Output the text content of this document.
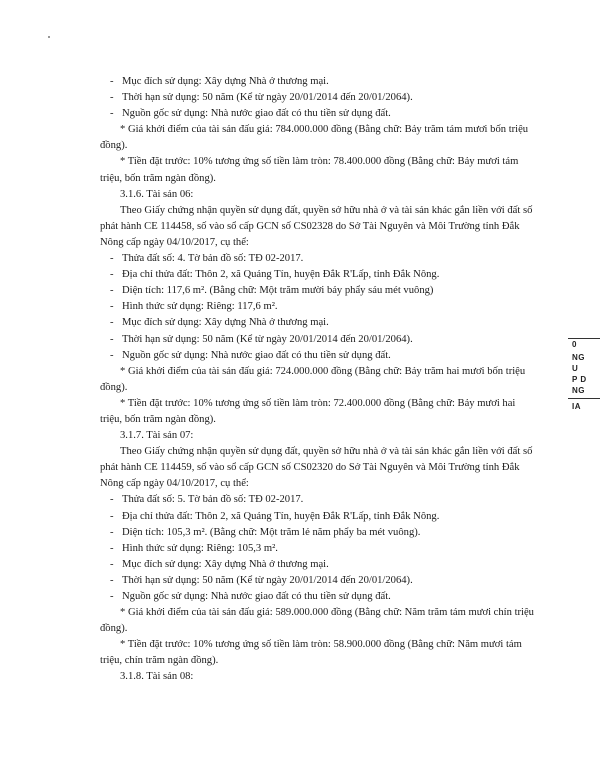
- Mục đích sử dụng: Xây dựng Nhà ở thương mại.
- Thời hạn sử dụng: 50 năm (Kể từ ngày 20/01/2014 đến 20/01/2064).
- Nguồn gốc sử dụng: Nhà nước giao đất có thu tiền sử dụng đất.
* Giá khởi điểm của tài sản đấu giá: 784.000.000 đồng (Bằng chữ: Bảy trăm tám mươi bốn triệu đồng).
* Tiền đặt trước: 10% tương ứng số tiền làm tròn: 78.400.000 đồng (Bằng chữ: Bảy mươi tám triệu, bốn trăm ngàn đồng).
3.1.6. Tài sản 06:
Theo Giấy chứng nhận quyền sử dụng đất, quyền sở hữu nhà ở và tài sản khác gắn liền với đất số phát hành CE 114458, số vào sổ cấp GCN số CS02328 do Sở Tài Nguyên và Môi Trường tỉnh Đắk Nông cấp ngày 04/10/2017, cụ thể:
- Thửa đất số: 4. Tờ bản đồ số: TĐ 02-2017.
- Địa chỉ thửa đất: Thôn 2, xã Quảng Tín, huyện Đắk R'Lấp, tỉnh Đắk Nông.
- Diện tích: 117,6 m². (Bằng chữ: Một trăm mười bảy phẩy sáu mét vuông)
- Hình thức sử dụng: Riêng: 117,6 m².
- Mục đích sử dụng: Xây dựng Nhà ở thương mại.
- Thời hạn sử dụng: 50 năm (Kể từ ngày 20/01/2014 đến 20/01/2064).
- Nguồn gốc sử dụng: Nhà nước giao đất có thu tiền sử dụng đất.
* Giá khởi điểm của tài sản đấu giá: 724.000.000 đồng (Bằng chữ: Bảy trăm hai mươi bốn triệu đồng).
* Tiền đặt trước: 10% tương ứng số tiền làm tròn: 72.400.000 đồng (Bằng chữ: Bảy mươi hai triệu, bốn trăm ngàn đồng).
3.1.7. Tài sản 07:
Theo Giấy chứng nhận quyền sử dụng đất, quyền sở hữu nhà ở và tài sản khác gắn liền với đất số phát hành CE 114459, số vào sổ cấp GCN số CS02320 do Sở Tài Nguyên và Môi Trường tỉnh Đắk Nông cấp ngày 04/10/2017, cụ thể:
- Thửa đất số: 5. Tờ bản đồ số: TĐ 02-2017.
- Địa chỉ thửa đất: Thôn 2, xã Quảng Tín, huyện Đắk R'Lấp, tỉnh Đắk Nông.
- Diện tích: 105,3 m². (Bằng chữ: Một trăm lẻ năm phẩy ba mét vuông).
- Hình thức sử dụng: Riêng: 105,3 m².
- Mục đích sử dụng: Xây dựng Nhà ở thương mại.
- Thời hạn sử dụng: 50 năm (Kể từ ngày 20/01/2014 đến 20/01/2064).
- Nguồn gốc sử dụng: Nhà nước giao đất có thu tiền sử dụng đất.
* Giá khởi điểm của tài sản đấu giá: 589.000.000 đồng (Bằng chữ: Năm trăm tám mươi chín triệu đồng).
* Tiền đặt trước: 10% tương ứng số tiền làm tròn: 58.900.000 đồng (Bằng chữ: Năm mươi tám triệu, chín trăm ngàn đồng).
3.1.8. Tài sản 08:
0
NG
U
P D
NG
IA
